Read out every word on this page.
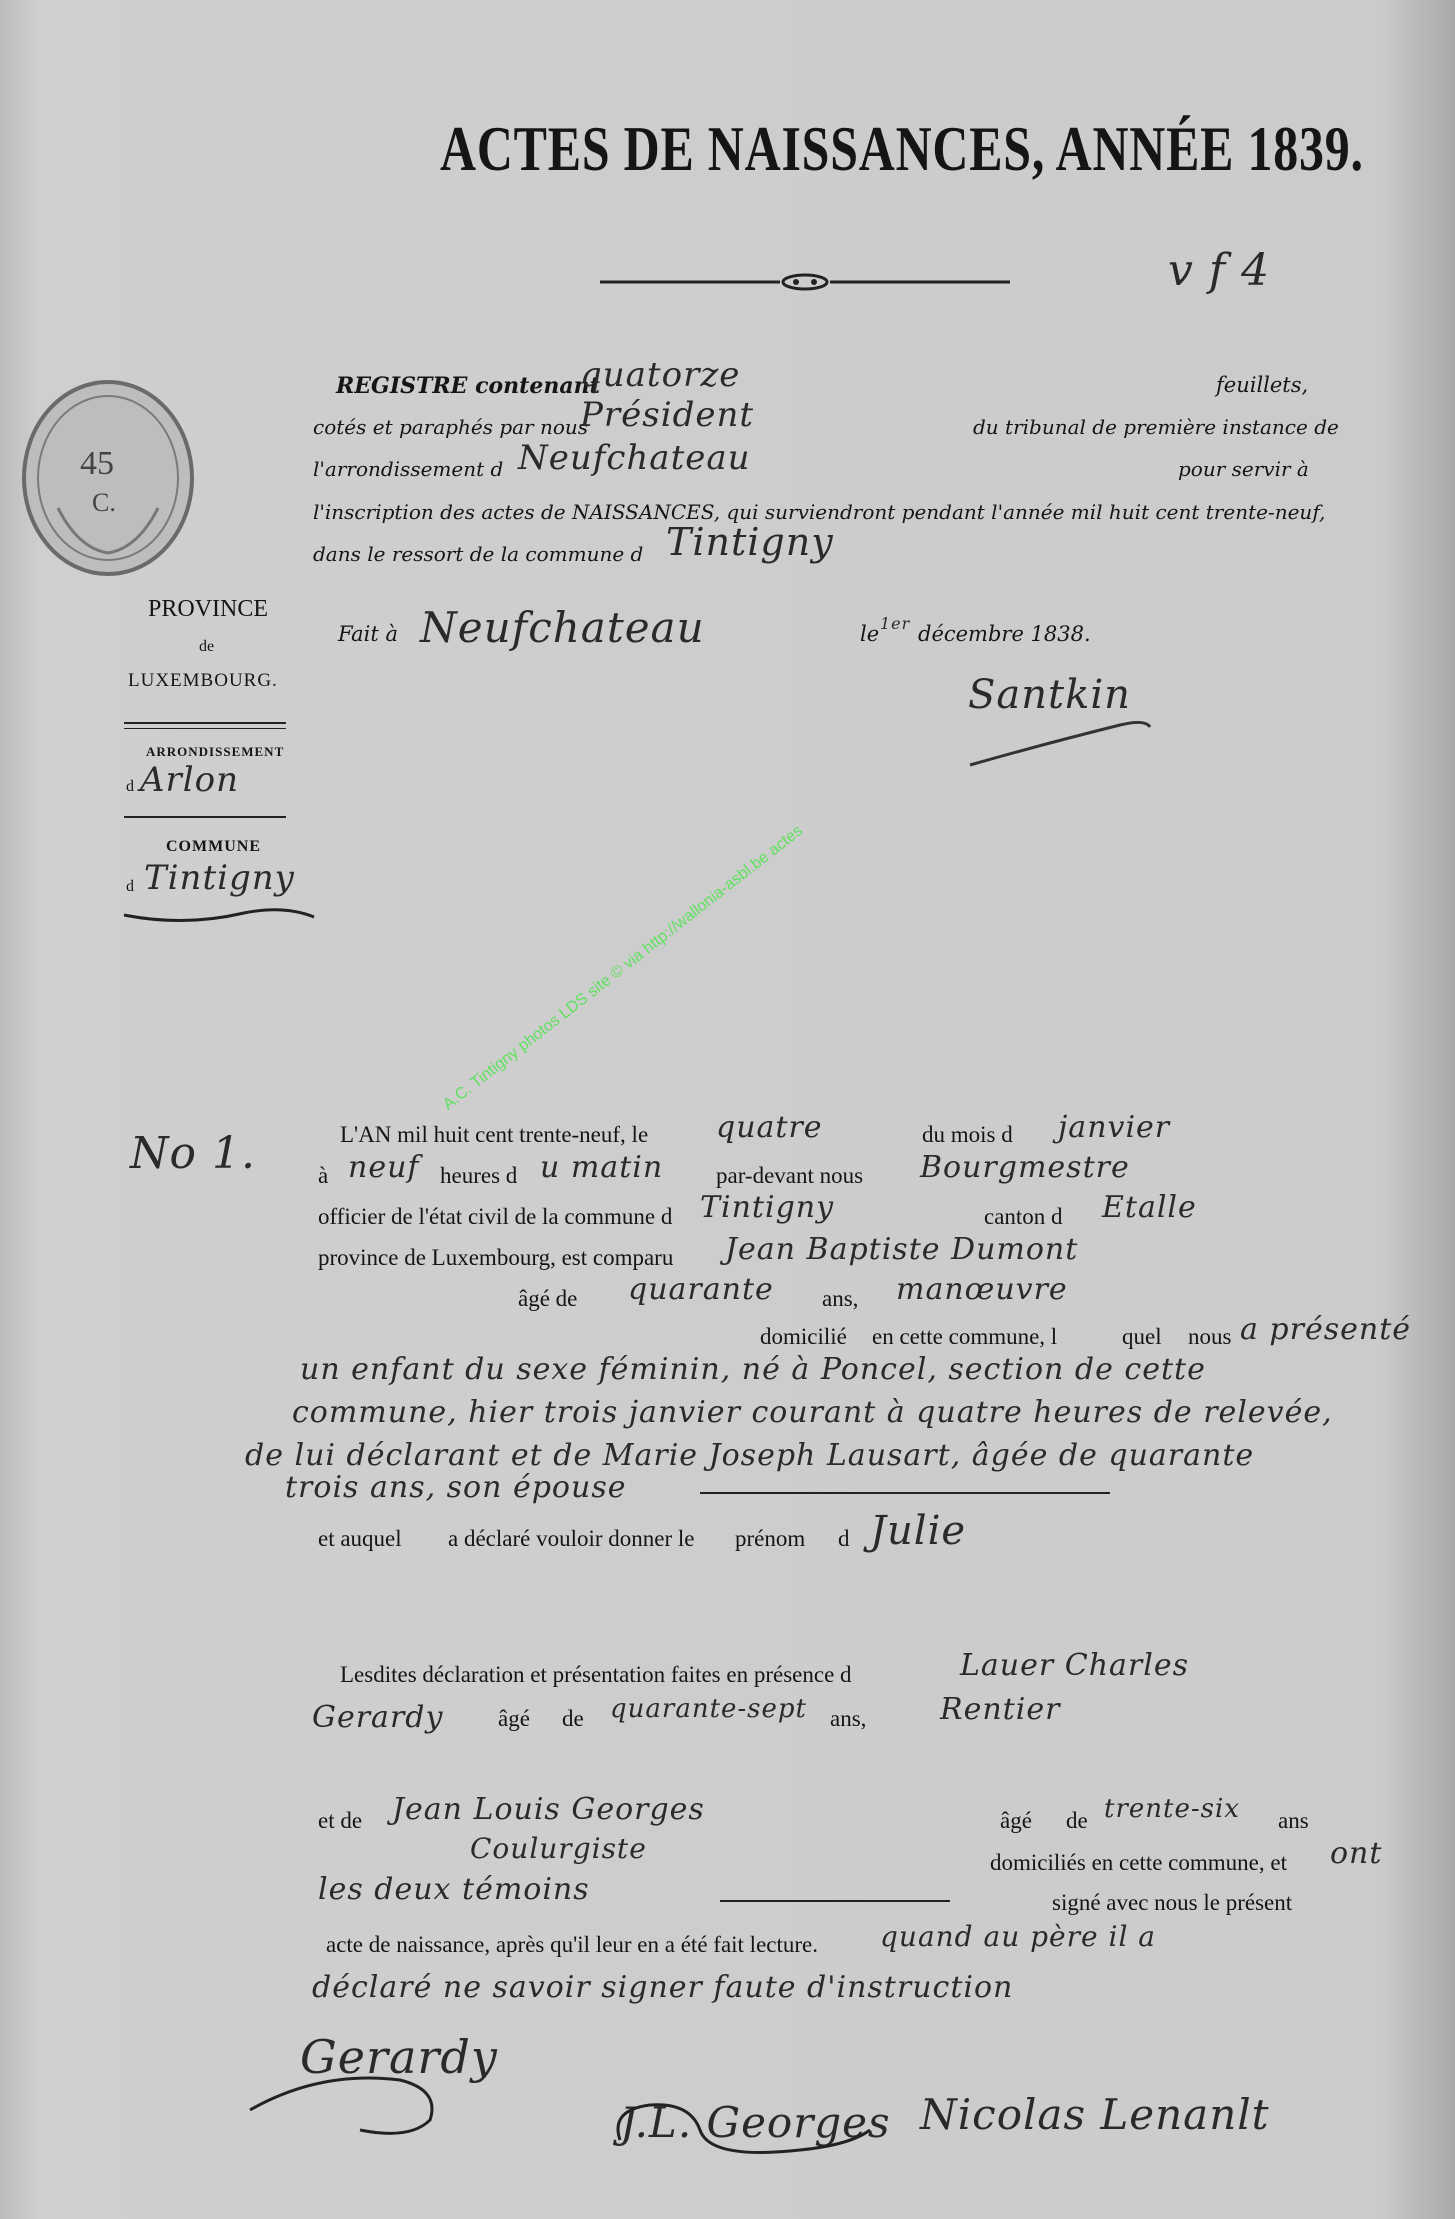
ACTES DE NAISSANCES, ANNÉE 1839.
v f 4
45
C.
PROVINCE
de
LUXEMBOURG.
ARRONDISSEMENT
d Arlon
COMMUNE
d Tintigny
REGISTRE contenant
quatorze	feuillets,
cotés et paraphés par nous
Président	du tribunal de première instance de
l'arrondissement d Neufchateau	pour servir à
l'inscription des actes de NAISSANCES, qui surviendront pendant l'année mil huit cent trente-neuf,
dans le ressort de la commune d Tintigny
Fait à Neufchateau	le 1er décembre 1838.
Santkin
A.C. Tintigny photos LDS site © via http://wallonia-asbl.be actes
No 1.	L'AN mil huit cent trente-neuf, le quatre	du mois d janvier
à neuf heures d u matin par-devant nous Bourgmestre
officier de l'état civil de la commune d Tintigny	canton d Etalle
province de Luxembourg, est comparu Jean Baptiste Dumont
âgé de quarante ans, manœuvre
domicilié en cette commune, l	quel nous a présenté
un enfant du sexe féminin, né à Poncel, section de cette
commune, hier trois janvier courant à quatre heures de relevée,
de lui déclarant et de Marie Joseph Lausart, âgée de quarante
trois ans, son épouse
et auquel a déclaré vouloir donner le prénom d Julie
Lesdites déclaration et présentation faites en présence d	Lauer Charles
Gerardy âgé de quarante-sept ans, Rentier
et de Jean Louis Georges	âgé de trente-six ans
Coulurgiste	domiciliés en cette commune, et ont
les deux témoins	signé avec nous le présent
acte de naissance, après qu'il leur en a été fait lecture. quand au père il a
déclaré ne savoir signer faute d'instruction
Gerardy
J.L. Georges Nicolas Lenanlt
